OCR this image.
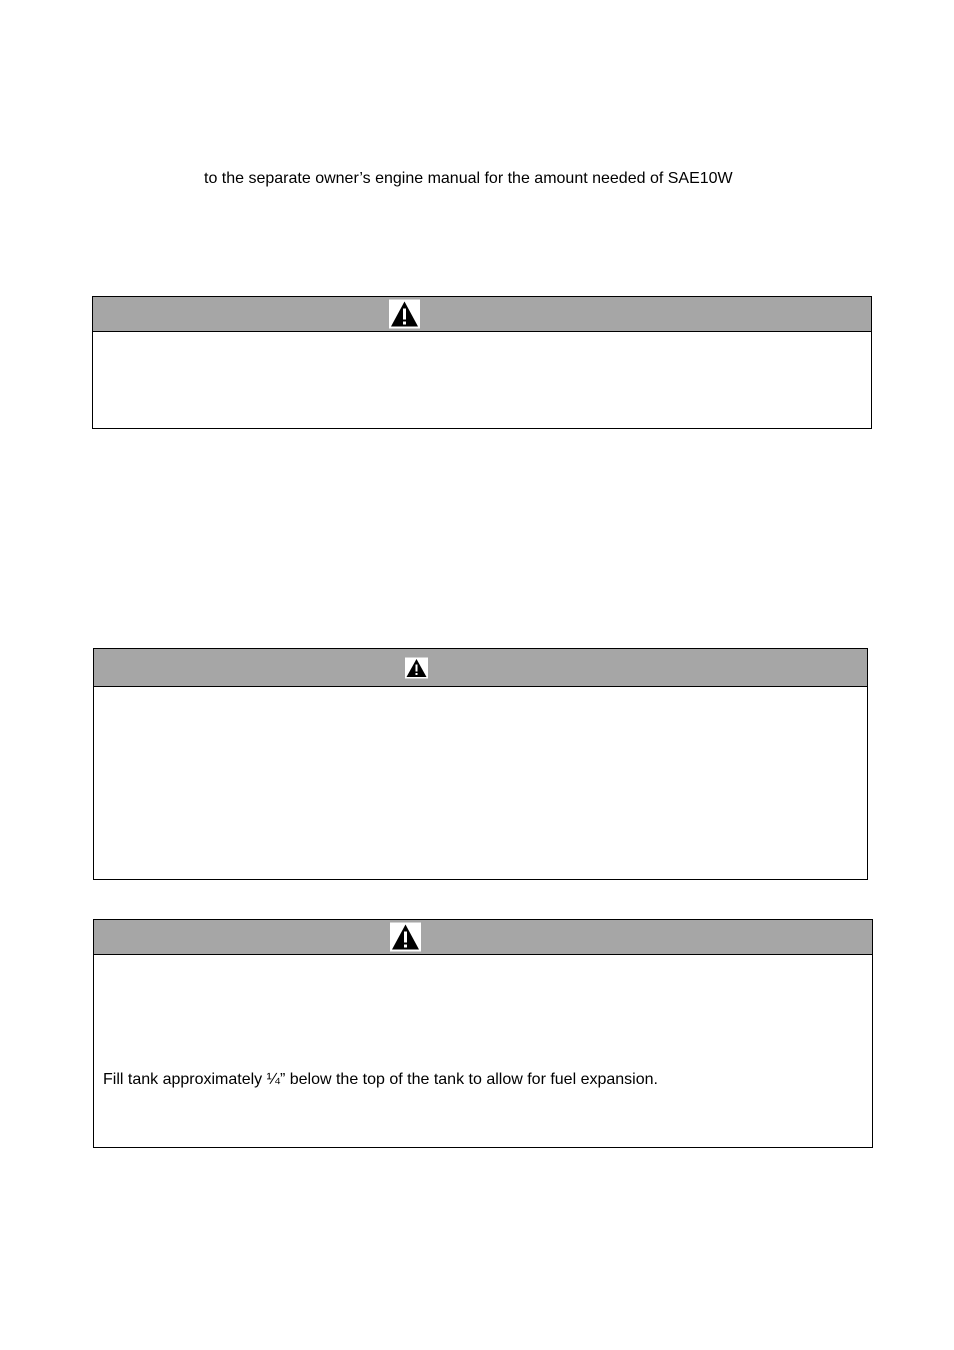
to the separate owner’s engine manual for the amount needed of SAE10W
Fill tank approximately ¼” below the top of the tank to allow for fuel expansion.
